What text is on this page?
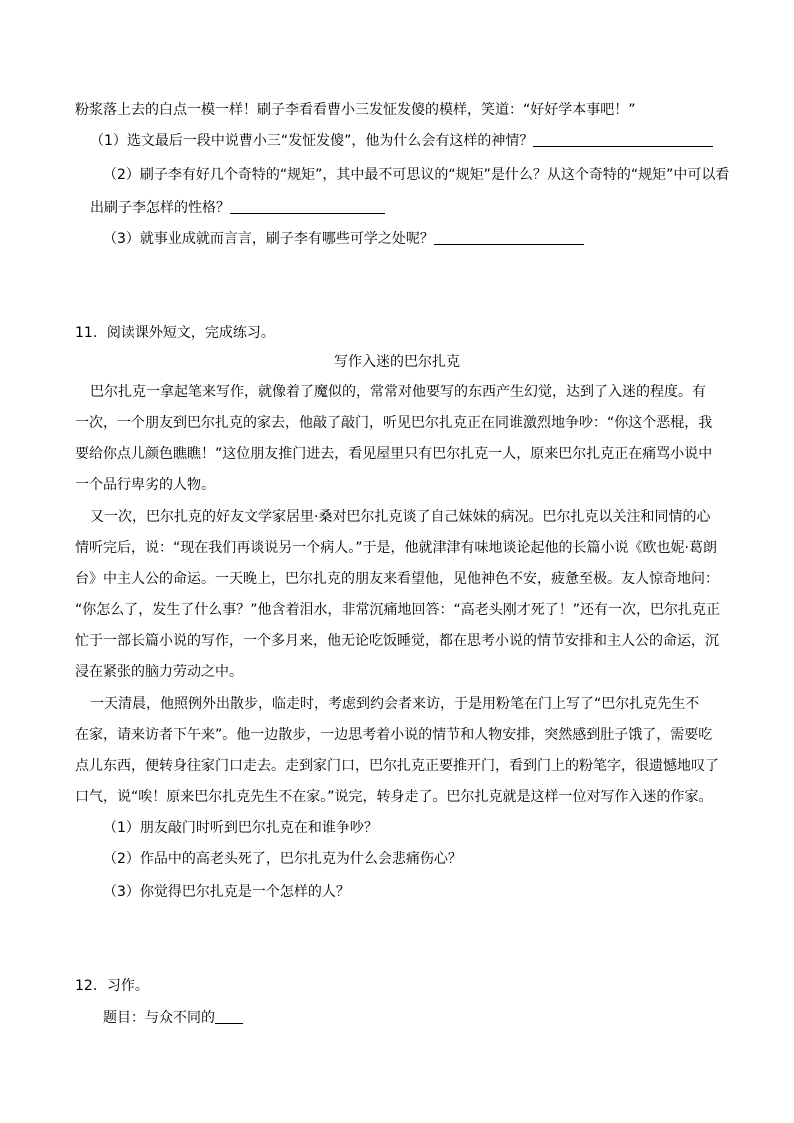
粉浆落上去的白点一模一样！刷子李看看曹小三发怔发傻的模样，笑道：“好好学本事吧！”
（1）选文最后一段中说曹小三“发怔发傻”，他为什么会有这样的神情？
（2）刷子李有好几个奇特的“规矩”，其中最不可思议的“规矩”是什么？从这个奇特的“规矩”中可以看
出刷子李怎样的性格？
（3）就事业成就而言言，刷子李有哪些可学之处呢？
11．阅读课外短文，完成练习。
写作入迷的巴尔扎克
巴尔扎克一拿起笔来写作，就像着了魔似的，常常对他要写的东西产生幻觉，达到了入迷的程度。有
一次，一个朋友到巴尔扎克的家去，他敲了敲门，听见巴尔扎克正在同谁激烈地争吵：“你这个恶棍，我
要给你点儿颜色瞧瞧！”这位朋友推门进去，看见屋里只有巴尔扎克一人，原来巴尔扎克正在痛骂小说中
一个品行卑劣的人物。
又一次，巴尔扎克的好友文学家居里·桑对巴尔扎克谈了自己妹妹的病况。巴尔扎克以关注和同情的心
情听完后，说：“现在我们再谈说另一个病人。”于是，他就津津有味地谈论起他的长篇小说《欧也妮·葛朗
台》中主人公的命运。一天晚上，巴尔扎克的朋友来看望他，见他神色不安，疲惫至极。友人惊奇地问：
“你怎么了，发生了什么事？”他含着泪水，非常沉痛地回答：“高老头刚才死了！”还有一次，巴尔扎克正
忙于一部长篇小说的写作，一个多月来，他无论吃饭睡觉，都在思考小说的情节安排和主人公的命运，沉
浸在紧张的脑力劳动之中。
一天清晨，他照例外出散步，临走时，考虑到约会者来访，于是用粉笔在门上写了“巴尔扎克先生不
在家，请来访者下午来”。他一边散步，一边思考着小说的情节和人物安排，突然感到肚子饿了，需要吃
点儿东西，便转身往家门口走去。走到家门口，巴尔扎克正要推开门，看到门上的粉笔字，很遗憾地叹了
口气，说“唉！原来巴尔扎克先生不在家。”说完，转身走了。巴尔扎克就是这样一位对写作入迷的作家。
（1）朋友敲门时听到巴尔扎克在和谁争吵？
（2）作品中的高老头死了，巴尔扎克为什么会悲痛伤心？
（3）你觉得巴尔扎克是一个怎样的人？
12．习作。
题目：与众不同的
